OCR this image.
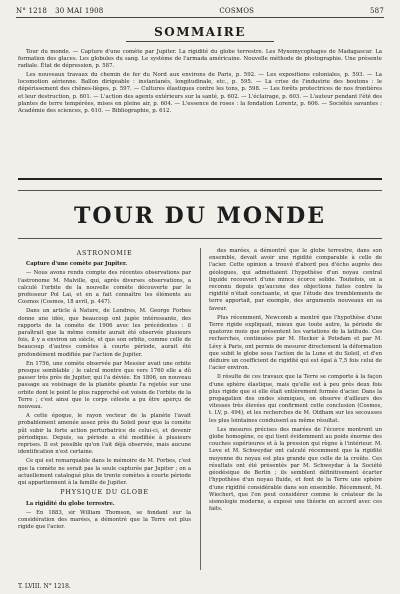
N° 1218 30 MAI 1908	COSMOS	587
SOMMAIRE

Tour du monde. — Capture d'une comète par Jupiter. La rigidité du globe terrestre. Les Myxomycophages de Madagascar. La formation des glaces. Les globules du sang. Le système de l'armada américaine. Nouvelle méthode de photographie. Une présente radiale. État de dépression, p. 587.

Les nouveaux travaux du chemin de fer du Nord aux environs de Paris, p. 592. — Les expositions coloniales, p. 593. — La locomotion aérienne. Ballon dirigeable : instantanés, longitudinale, etc., p. 595. — La crise de l'industrie des boutons : le dépérissement des chênes-lièges, p. 597. — Cultures élastiques contre les tons, p. 598. — Les forêts protectrices de nos frontières et leur destruction, p. 601. — L'action des agents extérieurs sur la santé, p. 602. — L'éclairage, p. 603. — L'auteur pendant l'été des plantes de terre tempérées, mises en pleine air, p. 604. — L'essence de roses : la fondation Lorentz, p. 606. — Sociétés savantes : Académie des sciences, p. 610. — Bibliographie, p. 612.

TOUR DU MONDE
ASTRONOMIE

Capture d'une comète par Jupiter.

— Nous avons rendu compte des récentes observations par l'astronome M. Malville, qui, après diverses observations, a calculé l'orbite de la nouvelle comète découverte par le professeur Pol Lai, et en a fait connaître les éléments au Cosmos (Cosmos, 18 avril, p. 447).

Dans un article à Nature, de Londres, M. George Forbes donne une idée, que beaucoup ont jugée intéressante, des rapports de la comète de 1906 avec les précédentes : il paraîtrait que la même comète aurait été observée plusieurs fois, il y a environ un siècle, et que son orbite, comme celle de beaucoup d'autres comètes à courte période, aurait été profondément modifiée par l'action de Jupiter.

En 1756, une comète observée par Messier avait une orbite presque semblable ; le calcul montre que vers 1760 elle a dû passer très près de Jupiter, qui l'a déviée. En 1806, un nouveau passage au voisinage de la planète géante l'a rejetée sur une orbite dont le point le plus rapproché est voisin de l'orbite de la Terre ; c'est ainsi que le corps céleste a pu être aperçu de nouveau.

A cette époque, le rayon vecteur de la planète l'avait probablement amenée assez près du Soleil pour que la comète pût subir la forte action perturbatrice de celui-ci, et devenir périodique. Depuis, sa période a été modifiée à plusieurs reprises. Il est possible qu'on l'ait déjà observée, mais aucune identification n'est certaine.

Ce qui est remarquable dans le mémoire de M. Forbes, c'est que la comète ne serait pas la seule capturée par Jupiter ; on a actuellement catalogué plus de trente comètes à courte période qui appartiennent à la famille de Jupiter.

PHYSIQUE DU GLOBE

La rigidité du globe terrestre.

— En 1883, sir William Thomson, se fondant sur la considération des marées, a démontré que la Terre est plus rigide que l'acier.

des marées, a démontré que le globe terrestre, dans son ensemble, devait avoir une rigidité comparable à celle de l'acier. Cette opinion a trouvé d'abord peu d'écho auprès des géologues, qui admettaient l'hypothèse d'un noyau central liquide recouvert d'une mince écorce solide. Toutefois, on a reconnu depuis qu'aucune des objections faites contre la rigidité n'était concluante, et que l'étude des tremblements de terre apportait, par exemple, des arguments nouveaux en sa faveur.

Plus récemment, Newcomb a montré que l'hypothèse d'une Terre rigide expliquait, mieux que toute autre, la période de quatorze mois que présentent les variations de la latitude. Ces recherches, continuées par M. Hecker à Potsdam et par M. Lévy à Paris, ont permis de mesurer directement la déformation que subit le globe sous l'action de la Lune et du Soleil, et d'en déduire un coefficient de rigidité qui est égal à 7,5 fois celui de l'acier environ.

Il résulte de ces travaux que la Terre se comporte à la façon d'une sphère élastique, mais qu'elle est à peu près deux fois plus rigide que si elle était entièrement formée d'acier. Dans la propagation des ondes sismiques, on observe d'ailleurs des vitesses très élevées qui confirment cette conclusion (Cosmos, t. LV, p. 494), et les recherches de M. Oldham sur les secousses les plus lointaines conduisent au même résultat.

Les mesures précises des marées de l'écorce montrent un globe homogène, ce qui tient évidemment au poids énorme des couches supérieures et à la pression qui règne à l'intérieur. M. Love et M. Schweydar ont calculé récemment que la rigidité moyenne du noyau est plus grande que celle de la croûte. Ces résultats ont été présentés par M. Schweydar à la Société géodésique de Berlin ; ils semblent définitivement écarter l'hypothèse d'un noyau fluide, et font de la Terre une sphère d'une rigidité considérable dans son ensemble. Récemment, M. Wiechert, que l'on peut considérer comme le créateur de la sismologie moderne, a exposé une théorie en accord avec ces faits.

T. LVIII. N° 1218.
